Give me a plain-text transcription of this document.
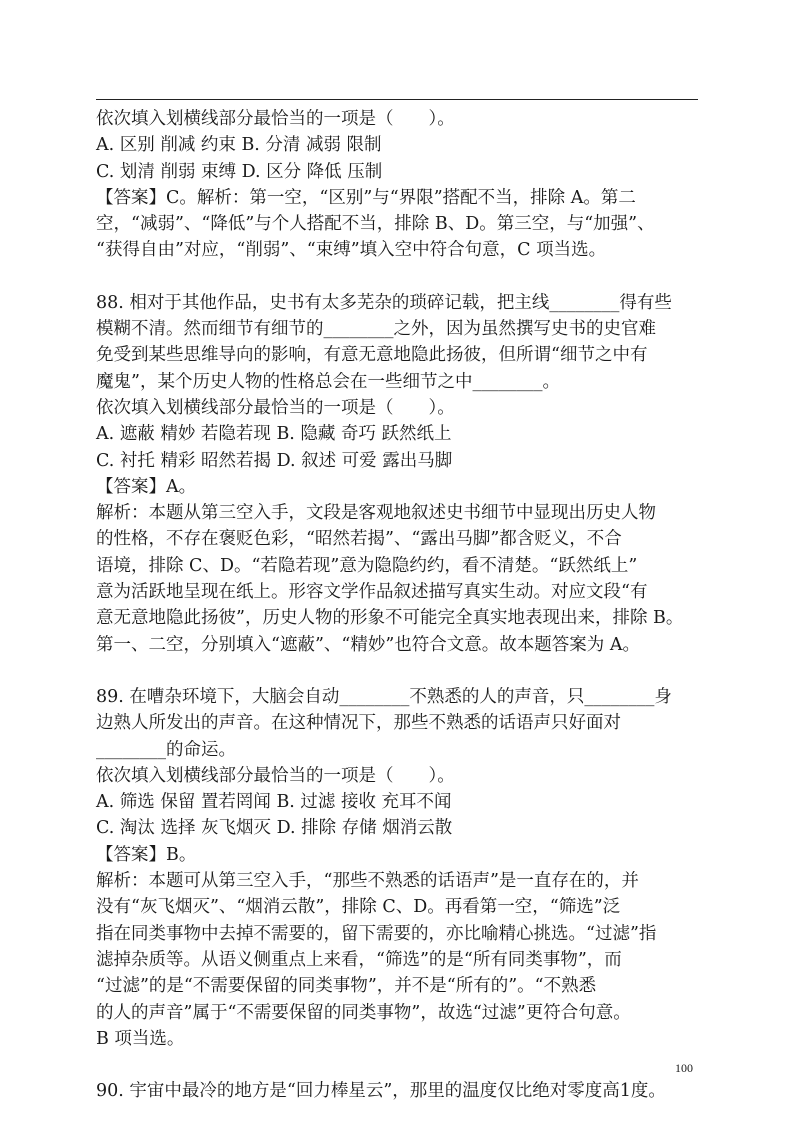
依次填入划横线部分最恰当的一项是（　　）。
A. 区别 削减 约束 B. 分清 减弱 限制
C. 划清 削弱 束缚 D. 区分 降低 压制
【答案】C。解析：第一空，“区别”与“界限”搭配不当，排除 A。第二
空，“减弱”、“降低”与个人搭配不当，排除 B、D。第三空，与“加强”、
“获得自由”对应，“削弱”、“束缚”填入空中符合句意，C 项当选。
88. 相对于其他作品，史书有太多芜杂的琐碎记载，把主线________得有些
模糊不清。然而细节有细节的________之外，因为虽然撰写史书的史官难
免受到某些思维导向的影响，有意无意地隐此扬彼，但所谓“细节之中有
魔鬼”，某个历史人物的性格总会在一些细节之中________。
依次填入划横线部分最恰当的一项是（　　）。
A. 遮蔽 精妙 若隐若现 B. 隐藏 奇巧 跃然纸上
C. 衬托 精彩 昭然若揭 D. 叙述 可爱 露出马脚
【答案】A。
解析：本题从第三空入手，文段是客观地叙述史书细节中显现出历史人物
的性格，不存在褒贬色彩，“昭然若揭”、“露出马脚”都含贬义，不合
语境，排除 C、D。“若隐若现”意为隐隐约约，看不清楚。“跃然纸上”
意为活跃地呈现在纸上。形容文学作品叙述描写真实生动。对应文段“有
意无意地隐此扬彼”，历史人物的形象不可能完全真实地表现出来，排除 B。
第一、二空，分别填入“遮蔽”、“精妙”也符合文意。故本题答案为 A。
89. 在嘈杂环境下，大脑会自动________不熟悉的人的声音，只________身
边熟人所发出的声音。在这种情况下，那些不熟悉的话语声只好面对
________的命运。
依次填入划横线部分最恰当的一项是（　　）。
A. 筛选 保留 置若罔闻 B. 过滤 接收 充耳不闻
C. 淘汰 选择 灰飞烟灭 D. 排除 存储 烟消云散
【答案】B。
解析：本题可从第三空入手，“那些不熟悉的话语声”是一直存在的，并
没有“灰飞烟灭”、“烟消云散”，排除 C、D。再看第一空，“筛选”泛
指在同类事物中去掉不需要的，留下需要的，亦比喻精心挑选。“过滤”指
滤掉杂质等。从语义侧重点上来看，“筛选”的是“所有同类事物”，而
“过滤”的是“不需要保留的同类事物”，并不是“所有的”。“不熟悉
的人的声音”属于“不需要保留的同类事物”，故选“过滤”更符合句意。
B 项当选。
90. 宇宙中最冷的地方是“回力棒星云”，那里的温度仅比绝对零度高1度。
100
